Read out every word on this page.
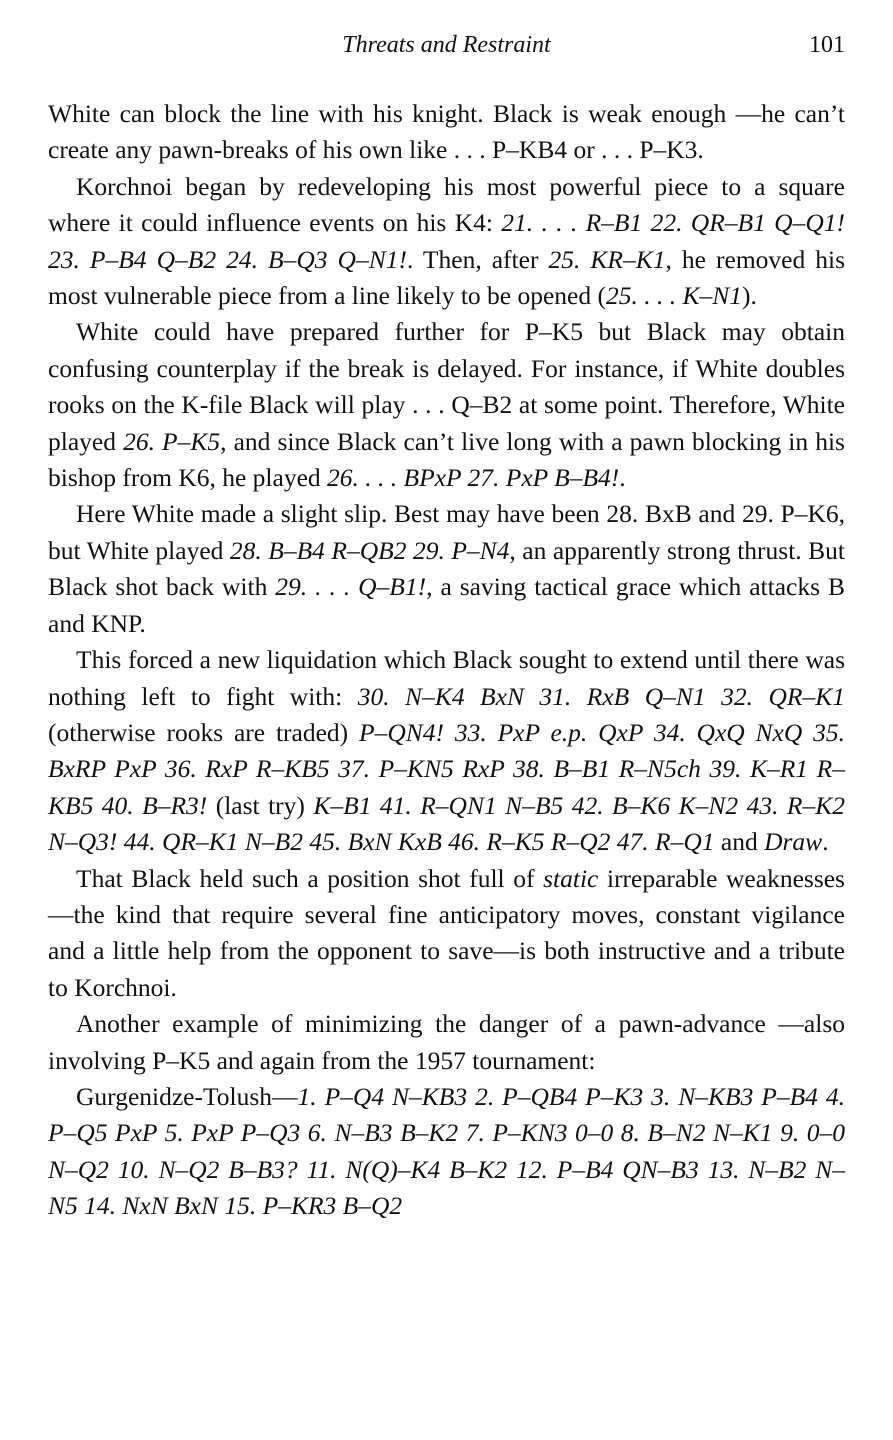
Threats and Restraint	101

White can block the line with his knight. Black is weak enough —he can’t create any pawn-breaks of his own like . . . P–KB4 or . . . P–K3.

Korchnoi began by redeveloping his most powerful piece to a square where it could influence events on his K4: 21. . . . R–B1 22. QR–B1 Q–Q1! 23. P–B4 Q–B2 24. B–Q3 Q–N1!. Then, after 25. KR–K1, he removed his most vulnerable piece from a line likely to be opened (25. . . . K–N1).

White could have prepared further for P–K5 but Black may obtain confusing counterplay if the break is delayed. For instance, if White doubles rooks on the K-file Black will play . . . Q–B2 at some point. Therefore, White played 26. P–K5, and since Black can’t live long with a pawn blocking in his bishop from K6, he played 26. . . . BPxP 27. PxP B–B4!.

Here White made a slight slip. Best may have been 28. BxB and 29. P–K6, but White played 28. B–B4 R–QB2 29. P–N4, an apparently strong thrust. But Black shot back with 29. . . . Q–B1!, a saving tactical grace which attacks B and KNP.

This forced a new liquidation which Black sought to extend until there was nothing left to fight with: 30. N–K4 BxN 31. RxB Q–N1 32. QR–K1 (otherwise rooks are traded) P–QN4! 33. PxP e.p. QxP 34. QxQ NxQ 35. BxRP PxP 36. RxP R–KB5 37. P–KN5 RxP 38. B–B1 R–N5ch 39. K–R1 R–KB5 40. B–R3! (last try) K–B1 41. R–QN1 N–B5 42. B–K6 K–N2 43. R–K2 N–Q3! 44. QR–K1 N–B2 45. BxN KxB 46. R–K5 R–Q2 47. R–Q1 and Draw.

That Black held such a position shot full of static irreparable weaknesses—the kind that require several fine anticipatory moves, constant vigilance and a little help from the opponent to save—is both instructive and a tribute to Korchnoi.

Another example of minimizing the danger of a pawn-advance —also involving P–K5 and again from the 1957 tournament:

Gurgenidze-Tolush—1. P–Q4 N–KB3 2. P–QB4 P–K3 3. N–KB3 P–B4 4. P–Q5 PxP 5. PxP P–Q3 6. N–B3 B–K2 7. P–KN3 0–0 8. B–N2 N–K1 9. 0–0 N–Q2 10. N–Q2 B–B3? 11. N(Q)–K4 B–K2 12. P–B4 QN–B3 13. N–B2 N–N5 14. NxN BxN 15. P–KR3 B–Q2
